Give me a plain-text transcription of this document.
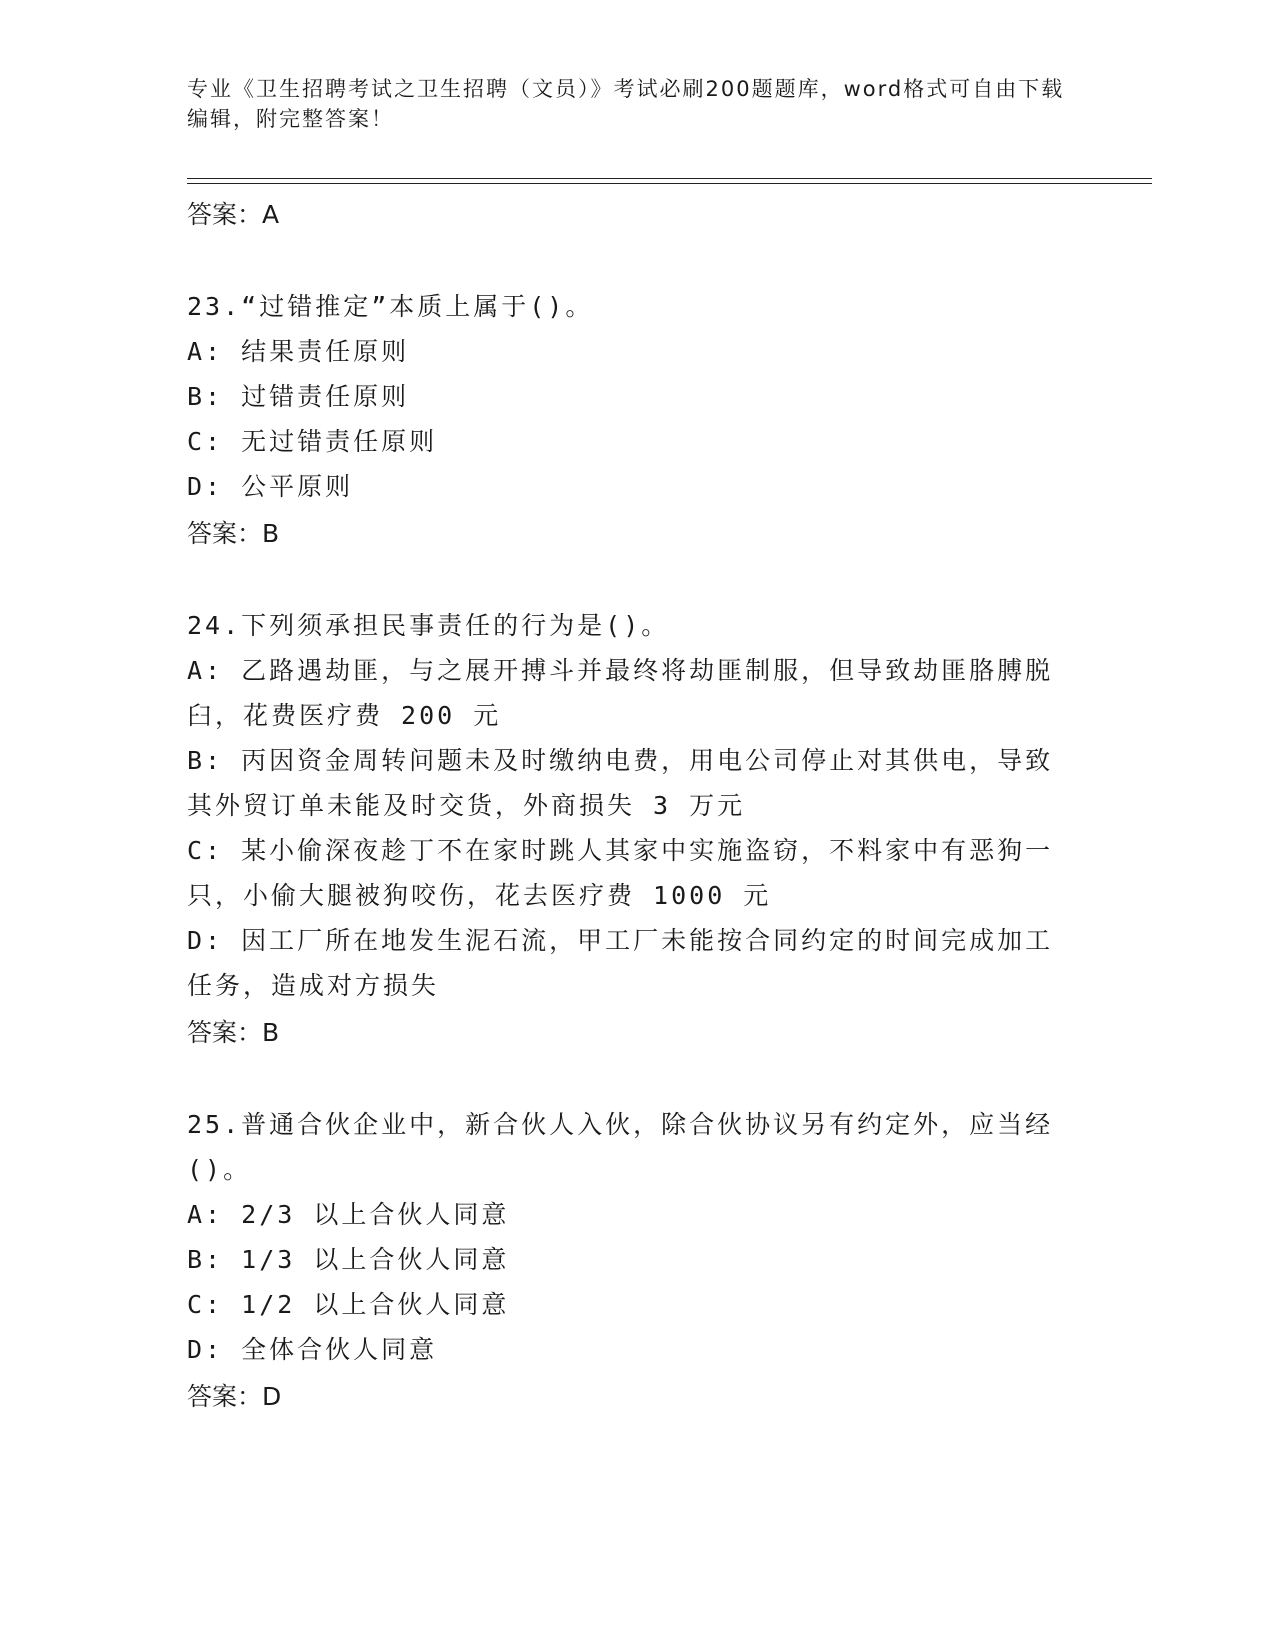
专业《卫生招聘考试之卫生招聘（文员）》考试必刷200题题库，word格式可自由下载编辑，附完整答案！
答案：A
23.“过错推定”本质上属于()。
A: 结果责任原则
B: 过错责任原则
C: 无过错责任原则
D: 公平原则
答案：B
24.下列须承担民事责任的行为是()。
A: 乙路遇劫匪，与之展开搏斗并最终将劫匪制服，但导致劫匪胳膊脱臼，花费医疗费 200 元
B: 丙因资金周转问题未及时缴纳电费，用电公司停止对其供电，导致其外贸订单未能及时交货，外商损失 3 万元
C: 某小偷深夜趁丁不在家时跳人其家中实施盗窃，不料家中有恶狗一只，小偷大腿被狗咬伤，花去医疗费 1000 元
D: 因工厂所在地发生泥石流，甲工厂未能按合同约定的时间完成加工任务，造成对方损失
答案：B
25.普通合伙企业中，新合伙人入伙，除合伙协议另有约定外，应当经()。
A: 2/3 以上合伙人同意
B: 1/3 以上合伙人同意
C: 1/2 以上合伙人同意
D: 全体合伙人同意
答案：D
